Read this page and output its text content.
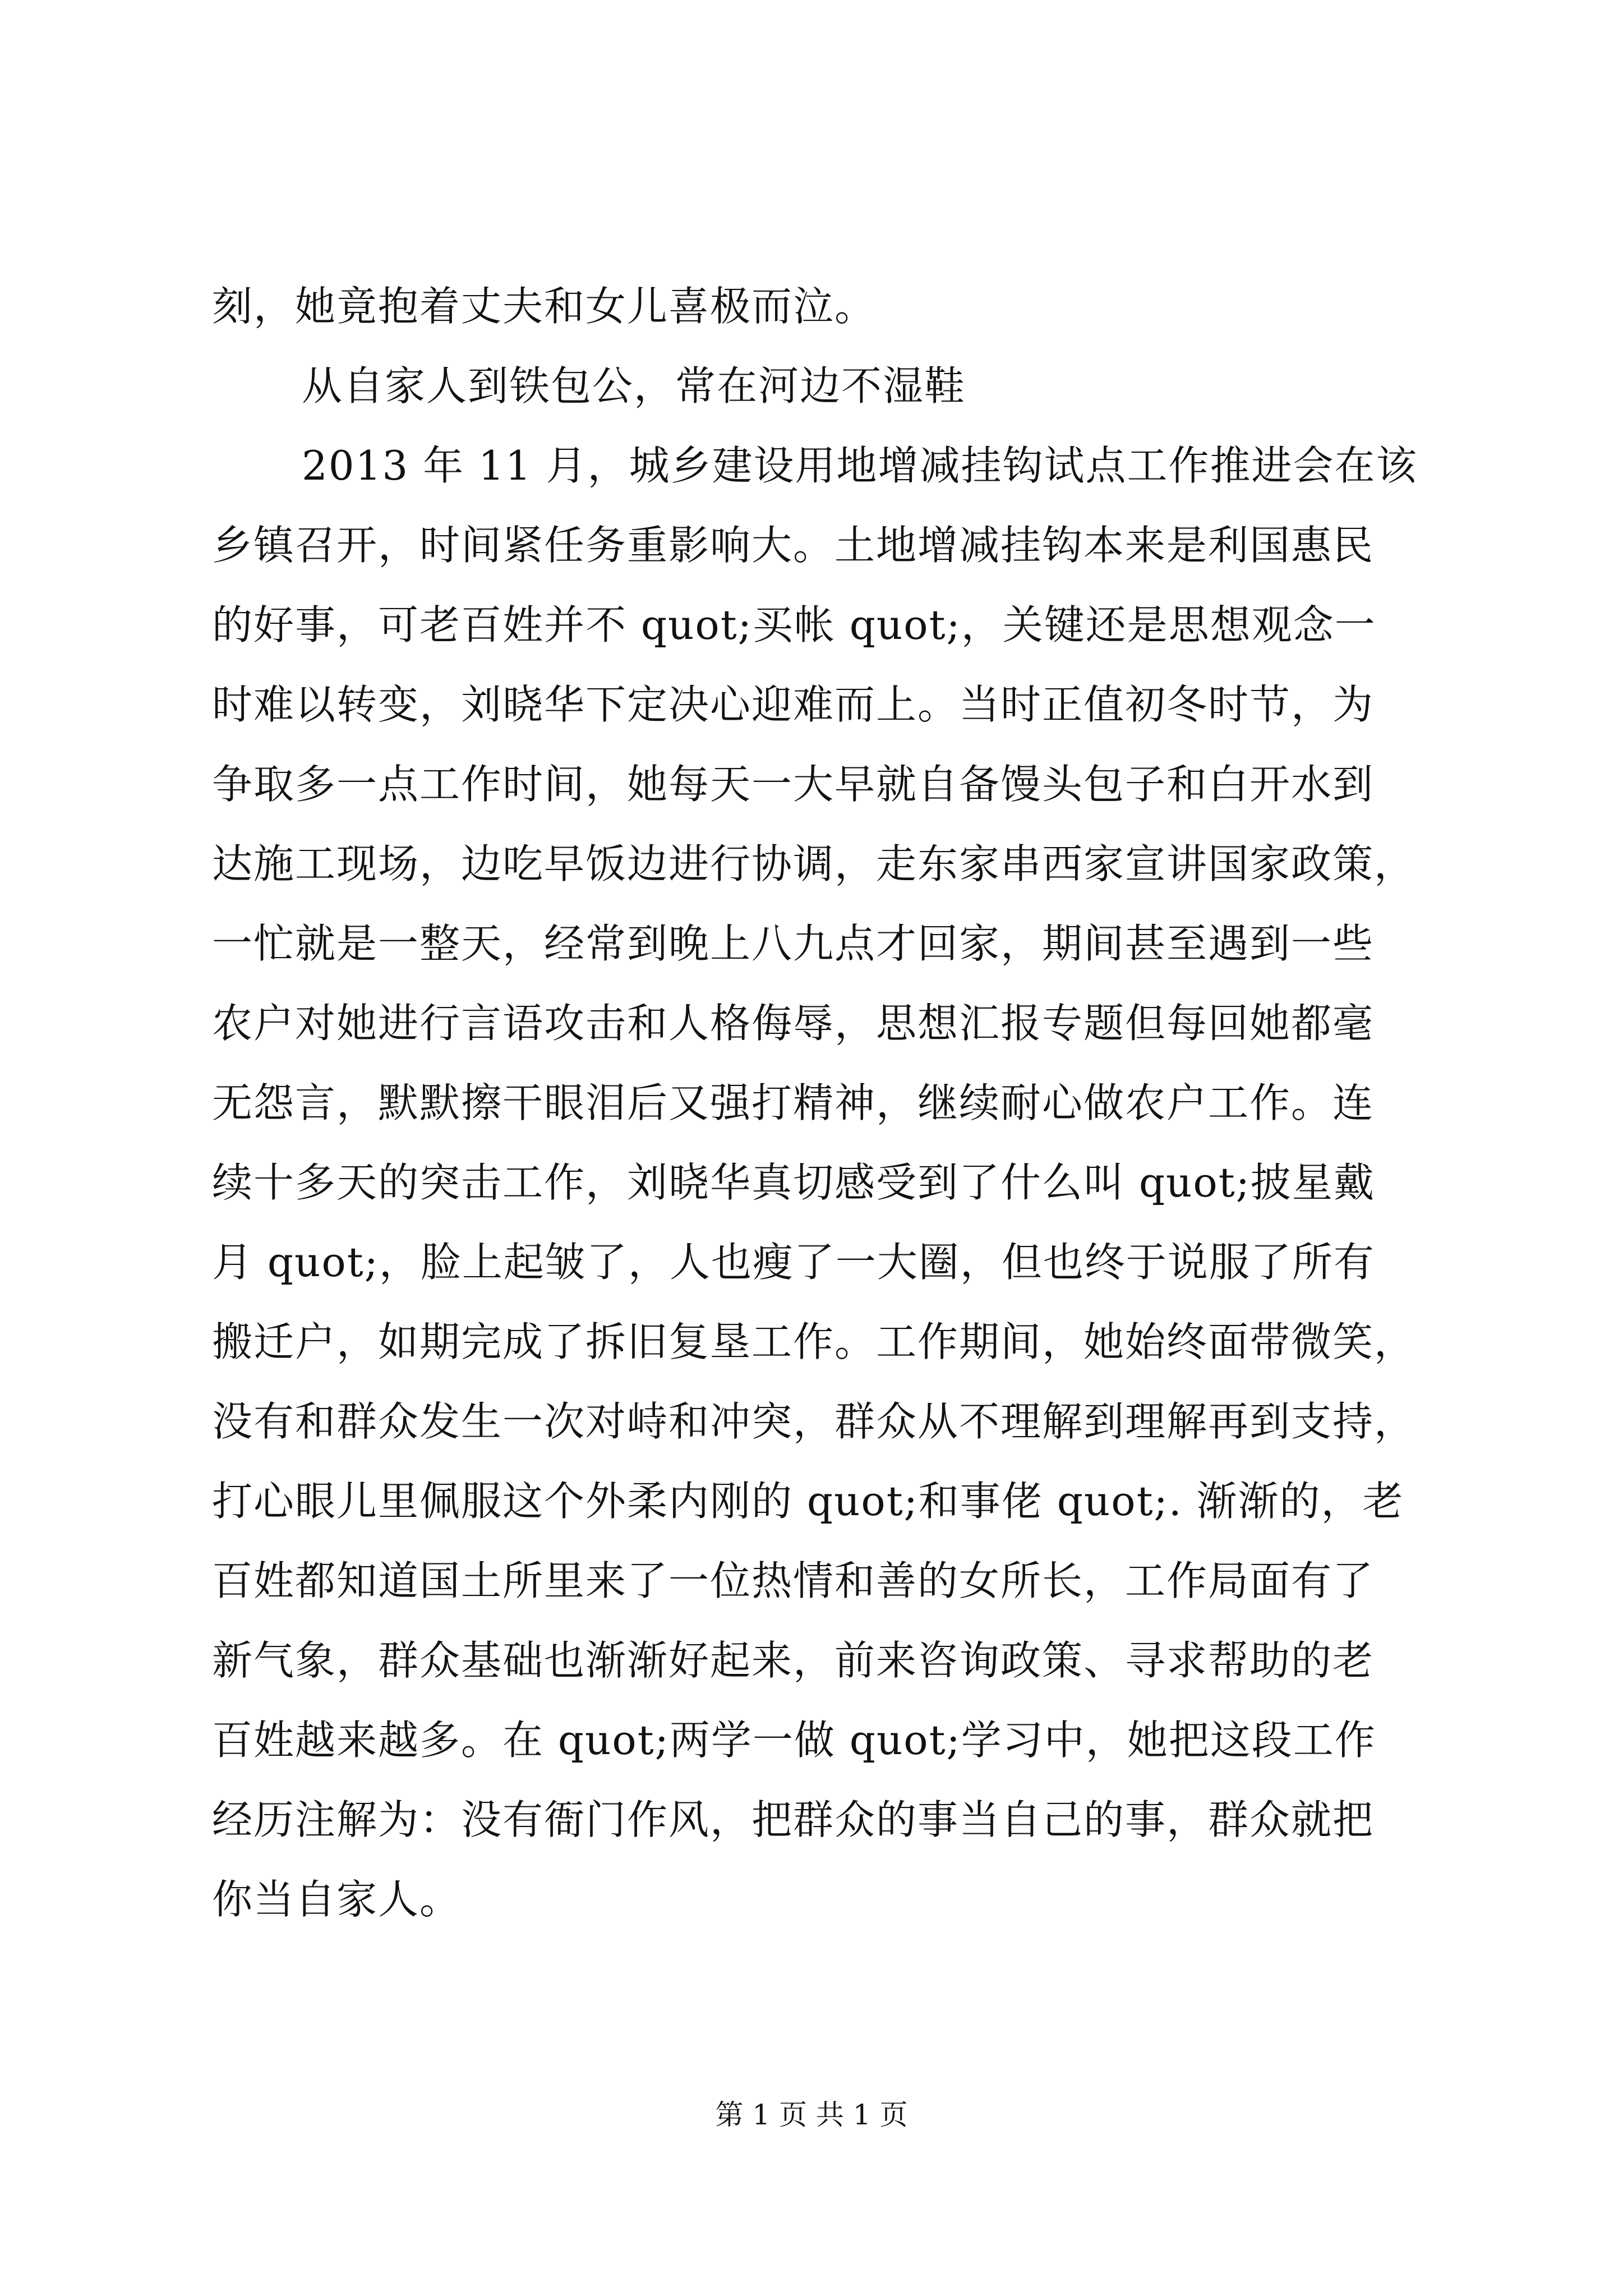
刻，她竟抱着丈夫和女儿喜极而泣。
从自家人到铁包公，常在河边不湿鞋
2013 年 11 月，城乡建设用地增减挂钩试点工作推进会在该
乡镇召开，时间紧任务重影响大。土地增减挂钩本来是利国惠民
的好事，可老百姓并不 quot;买帐 quot;，关键还是思想观念一
时难以转变，刘晓华下定决心迎难而上。当时正值初冬时节，为
争取多一点工作时间，她每天一大早就自备馒头包子和白开水到
达施工现场，边吃早饭边进行协调，走东家串西家宣讲国家政策，
一忙就是一整天，经常到晚上八九点才回家，期间甚至遇到一些
农户对她进行言语攻击和人格侮辱，思想汇报专题但每回她都毫
无怨言，默默擦干眼泪后又强打精神，继续耐心做农户工作。连
续十多天的突击工作，刘晓华真切感受到了什么叫 quot;披星戴
月 quot;，脸上起皱了，人也瘦了一大圈，但也终于说服了所有
搬迁户，如期完成了拆旧复垦工作。工作期间，她始终面带微笑，
没有和群众发生一次对峙和冲突，群众从不理解到理解再到支持，
打心眼儿里佩服这个外柔内刚的 quot;和事佬 quot;. 渐渐的，老
百姓都知道国土所里来了一位热情和善的女所长，工作局面有了
新气象，群众基础也渐渐好起来，前来咨询政策、寻求帮助的老
百姓越来越多。在 quot;两学一做 quot;学习中，她把这段工作
经历注解为：没有衙门作风，把群众的事当自己的事，群众就把
你当自家人。
第 1 页 共 1 页
